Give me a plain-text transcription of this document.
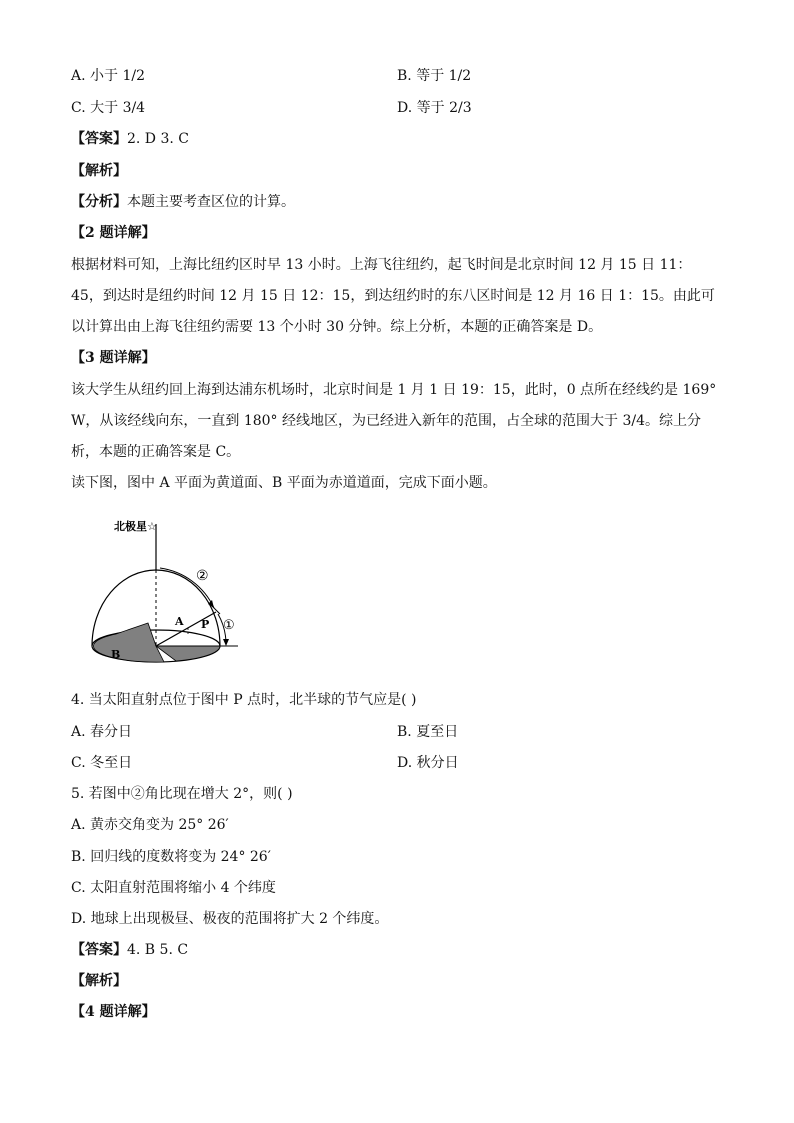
A. 小于 1/2	B. 等于 1/2
C. 大于 3/4	D. 等于 2/3
【答案】2. D 3. C
【解析】
【分析】本题主要考查区位的计算。
【2 题详解】
根据材料可知，上海比纽约区时早 13 小时。上海飞往纽约，起飞时间是北京时间 12 月 15 日 11：45，到达时是纽约时间 12 月 15 日 12：15，到达纽约时的东八区时间是 12 月 16 日 1：15。由此可以计算出由上海飞往纽约需要 13 个小时 30 分钟。综上分析，本题的正确答案是 D。
【3 题详解】
该大学生从纽约回上海到达浦东机场时，北京时间是 1 月 1 日 19：15，此时，0 点所在经线约是 169° W，从该经线向东，一直到 180° 经线地区，为已经进入新年的范围，占全球的范围大于 3/4。综上分析，本题的正确答案是 C。
读下图，图中 A 平面为黄道面、B 平面为赤道道面，完成下面小题。
北极星☆
②
①
A P
B
4. 当太阳直射点位于图中 P 点时，北半球的节气应是( )
A. 春分日	B. 夏至日
C. 冬至日	D. 秋分日
5. 若图中②角比现在增大 2°，则( )
A. 黄赤交角变为 25° 26′
B. 回归线的度数将变为 24° 26′
C. 太阳直射范围将缩小 4 个纬度
D. 地球上出现极昼、极夜的范围将扩大 2 个纬度。
【答案】4. B 5. C
【解析】
【4 题详解】
